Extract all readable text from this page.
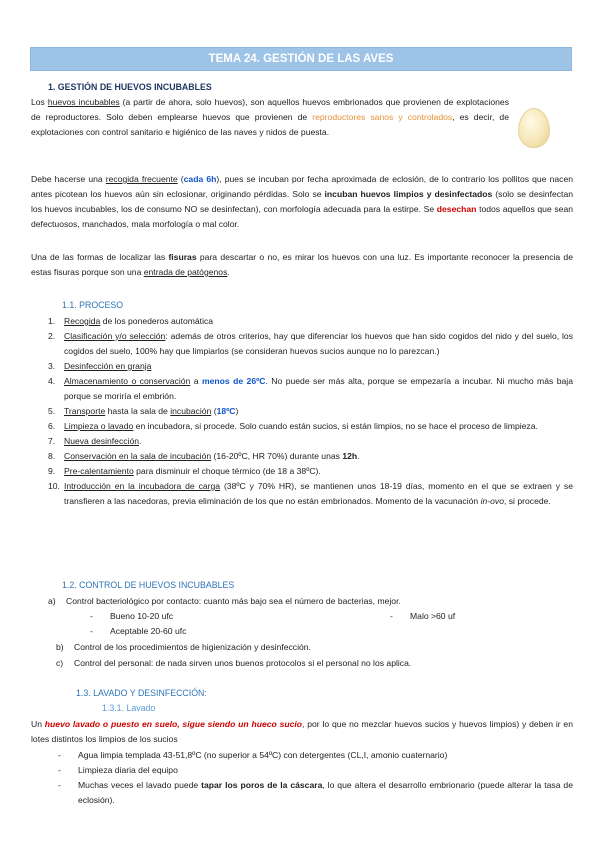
TEMA 24. GESTIÓN DE LAS AVES
1. GESTIÓN DE HUEVOS INCUBABLES
Los huevos incubables (a partir de ahora, solo huevos), son aquellos huevos embrionados que provienen de explotaciones de reproductores. Solo deben emplearse huevos que provienen de reproductores sanos y controlados, es decir, de explotaciones con control sanitario e higiénico de las naves y nidos de puesta.
Debe hacerse una recogida frecuente (cada 6h), pues se incuban por fecha aproximada de eclosión, de lo contrario los pollitos que nacen antes picotean los huevos aún sin eclosionar, originando pérdidas. Solo se incuban huevos limpios y desinfectados (solo se desinfectan los huevos incubables, los de consumo NO se desinfectan), con morfología adecuada para la estirpe. Se desechan todos aquellos que sean defectuosos, manchados, mala morfología o mal color.
Una de las formas de localizar las fisuras para descartar o no, es mirar los huevos con una luz. Es importante reconocer la presencia de estas fisuras porque son una entrada de patógenos.
1.1. PROCESO
1.	Recogida de los ponederos automática
2.	Clasificación y/o selección: además de otros criterios, hay que diferenciar los huevos que han sido cogidos del nido y del suelo, los cogidos del suelo, 100% hay que limpiarlos (se consideran huevos sucios aunque no lo parezcan.)
3.	Desinfección en granja
4.	Almacenamiento o conservación a menos de 26ºC. No puede ser más alta, porque se empezaría a incubar. Ni mucho más baja porque se moriría el embrión.
5.	Transporte hasta la sala de incubación (18ºC)
6.	Limpieza o lavado en incubadora, si procede. Solo cuando están sucios, si están limpios, no se hace el proceso de limpieza.
7.	Nueva desinfección.
8.	Conservación en la sala de incubación (16-20ºC, HR 70%) durante unas 12h.
9.	Pre-calentamiento para disminuir el choque térmico (de 18 a 38ºC).
10. Introducción en la incubadora de carga (38ºC y 70% HR), se mantienen unos 18-19 días, momento en el que se extraen y se transfieren a las nacedoras, previa eliminación de los que no están embrionados. Momento de la vacunación in-ovo, si procede.
1.2. CONTROL DE HUEVOS INCUBABLES
a)	Control bacteriológico por contacto: cuanto más bajo sea el número de bacterias, mejor.
-	Bueno 10-20 ufc	-	Malo >60 uf
-	Aceptable 20-60 ufc
b)	Control de los procedimientos de higienización y desinfección.
c)	Control del personal: de nada sirven unos buenos protocolos si el personal no los aplica.
1.3. LAVADO Y DESINFECCIÓN:
1.3.1. Lavado
Un huevo lavado o puesto en suelo, sigue siendo un hueco sucio, por lo que no mezclar huevos sucios y huevos limpios) y deben ir en lotes distintos los limpios de los sucios
-	Agua limpia templada 43-51,8ºC (no superior a 54ºC) con detergentes (CL,I, amonio cuaternario)
-	Limpieza diaria del equipo
-	Muchas veces el lavado puede tapar los poros de la cáscara, lo que altera el desarrollo embrionario (puede alterar la tasa de eclosión).
